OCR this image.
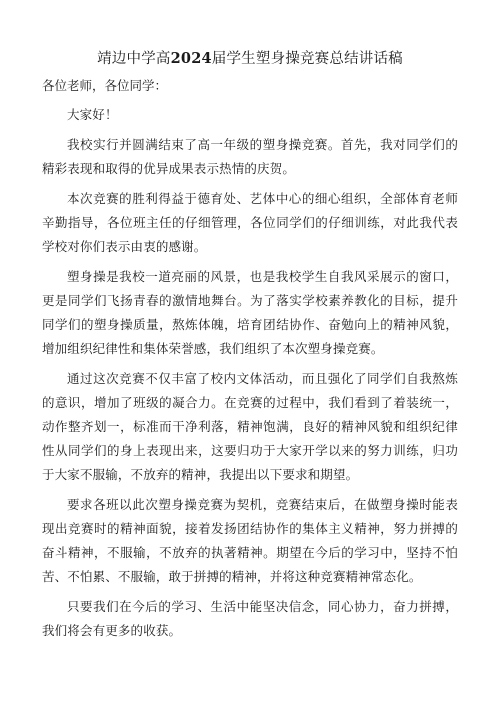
靖边中学高2024届学生塑身操竞赛总结讲话稿

各位老师，各位同学：

大家好！

我校实行并圆满结束了高一年级的塑身操竞赛。首先，我对同学们的精彩表现和取得的优异成果表示热情的庆贺。

本次竞赛的胜利得益于德育处、艺体中心的细心组织，全部体育老师辛勤指导，各位班主任的仔细管理，各位同学们的仔细训练，对此我代表学校对你们表示由衷的感谢。

塑身操是我校一道亮丽的风景，也是我校学生自我风采展示的窗口，更是同学们飞扬青春的激情地舞台。为了落实学校素养教化的目标，提升同学们的塑身操质量，熬炼体魄，培育团结协作、奋勉向上的精神风貌，增加组织纪律性和集体荣誉感，我们组织了本次塑身操竞赛。

通过这次竞赛不仅丰富了校内文体活动，而且强化了同学们自我熬炼的意识，增加了班级的凝合力。在竞赛的过程中，我们看到了着装统一，动作整齐划一，标准而干净利落，精神饱满，良好的精神风貌和组织纪律性从同学们的身上表现出来，这要归功于大家开学以来的努力训练，归功于大家不服输，不放弃的精神，我提出以下要求和期望。

要求各班以此次塑身操竞赛为契机，竞赛结束后，在做塑身操时能表现出竞赛时的精神面貌，接着发扬团结协作的集体主义精神，努力拼搏的奋斗精神，不服输，不放弃的执著精神。期望在今后的学习中，坚持不怕苦、不怕累、不服输，敢于拼搏的精神，并将这种竞赛精神常态化。

只要我们在今后的学习、生活中能坚决信念，同心协力，奋力拼搏，我们将会有更多的收获。
